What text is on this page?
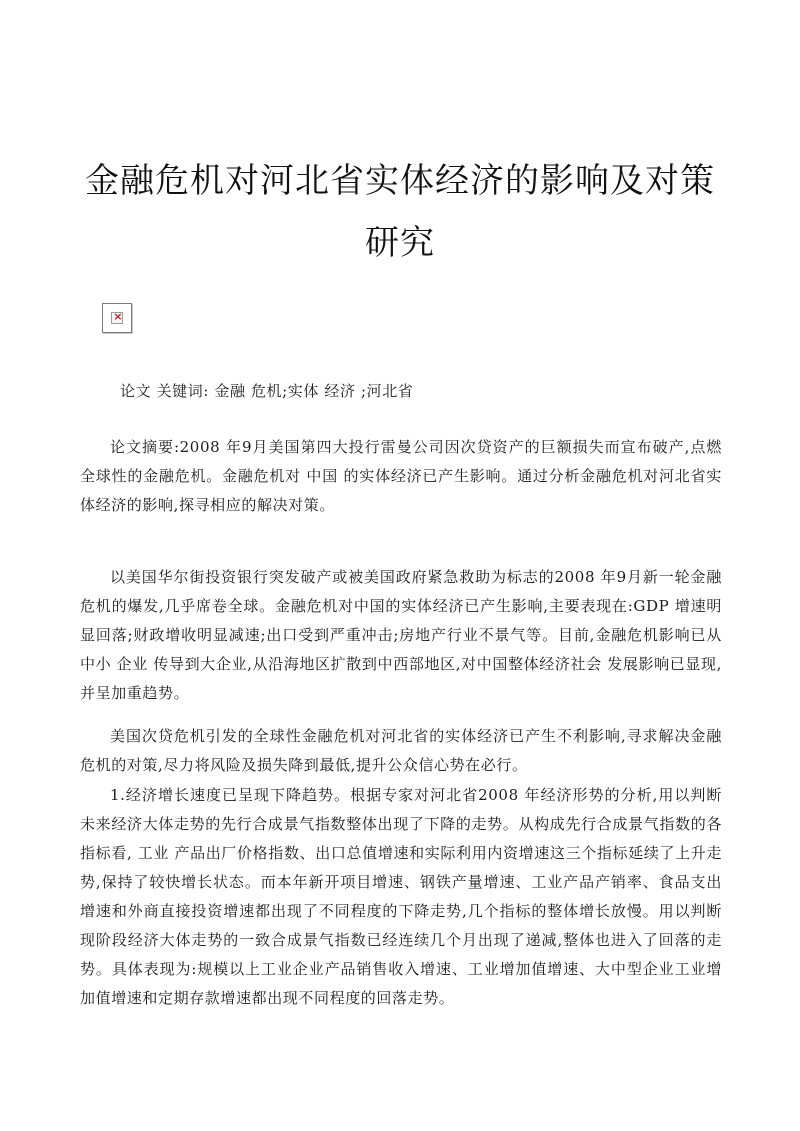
金融危机对河北省实体经济的影响及对策研究
×

论文 关键词: 金融 危机;实体 经济 ;河北省

论文摘要:2008 年9月美国第四大投行雷曼公司因次贷资产的巨额损失而宣布破产,点燃全球性的金融危机。金融危机对 中国 的实体经济已产生影响。通过分析金融危机对河北省实体经济的影响,探寻相应的解决对策。

以美国华尔街投资银行突发破产或被美国政府紧急救助为标志的2008 年9月新一轮金融危机的爆发,几乎席卷全球。金融危机对中国的实体经济已产生影响,主要表现在:GDP 增速明显回落;财政增收明显减速;出口受到严重冲击;房地产行业不景气等。目前,金融危机影响已从中小 企业 传导到大企业,从沿海地区扩散到中西部地区,对中国整体经济社会 发展影响已显现,并呈加重趋势。

美国次贷危机引发的全球性金融危机对河北省的实体经济已产生不利影响,寻求解决金融危机的对策,尽力将风险及损失降到最低,提升公众信心势在必行。

1.经济增长速度已呈现下降趋势。根据专家对河北省2008 年经济形势的分析,用以判断未来经济大体走势的先行合成景气指数整体出现了下降的走势。从构成先行合成景气指数的各指标看, 工业 产品出厂价格指数、出口总值增速和实际利用内资增速这三个指标延续了上升走势,保持了较快增长状态。而本年新开项目增速、钢铁产量增速、工业产品产销率、食品支出增速和外商直接投资增速都出现了不同程度的下降走势,几个指标的整体增长放慢。用以判断现阶段经济大体走势的一致合成景气指数已经连续几个月出现了递减,整体也进入了回落的走势。具体表现为:规模以上工业企业产品销售收入增速、工业增加值增速、大中型企业工业增加值增速和定期存款增速都出现不同程度的回落走势。
